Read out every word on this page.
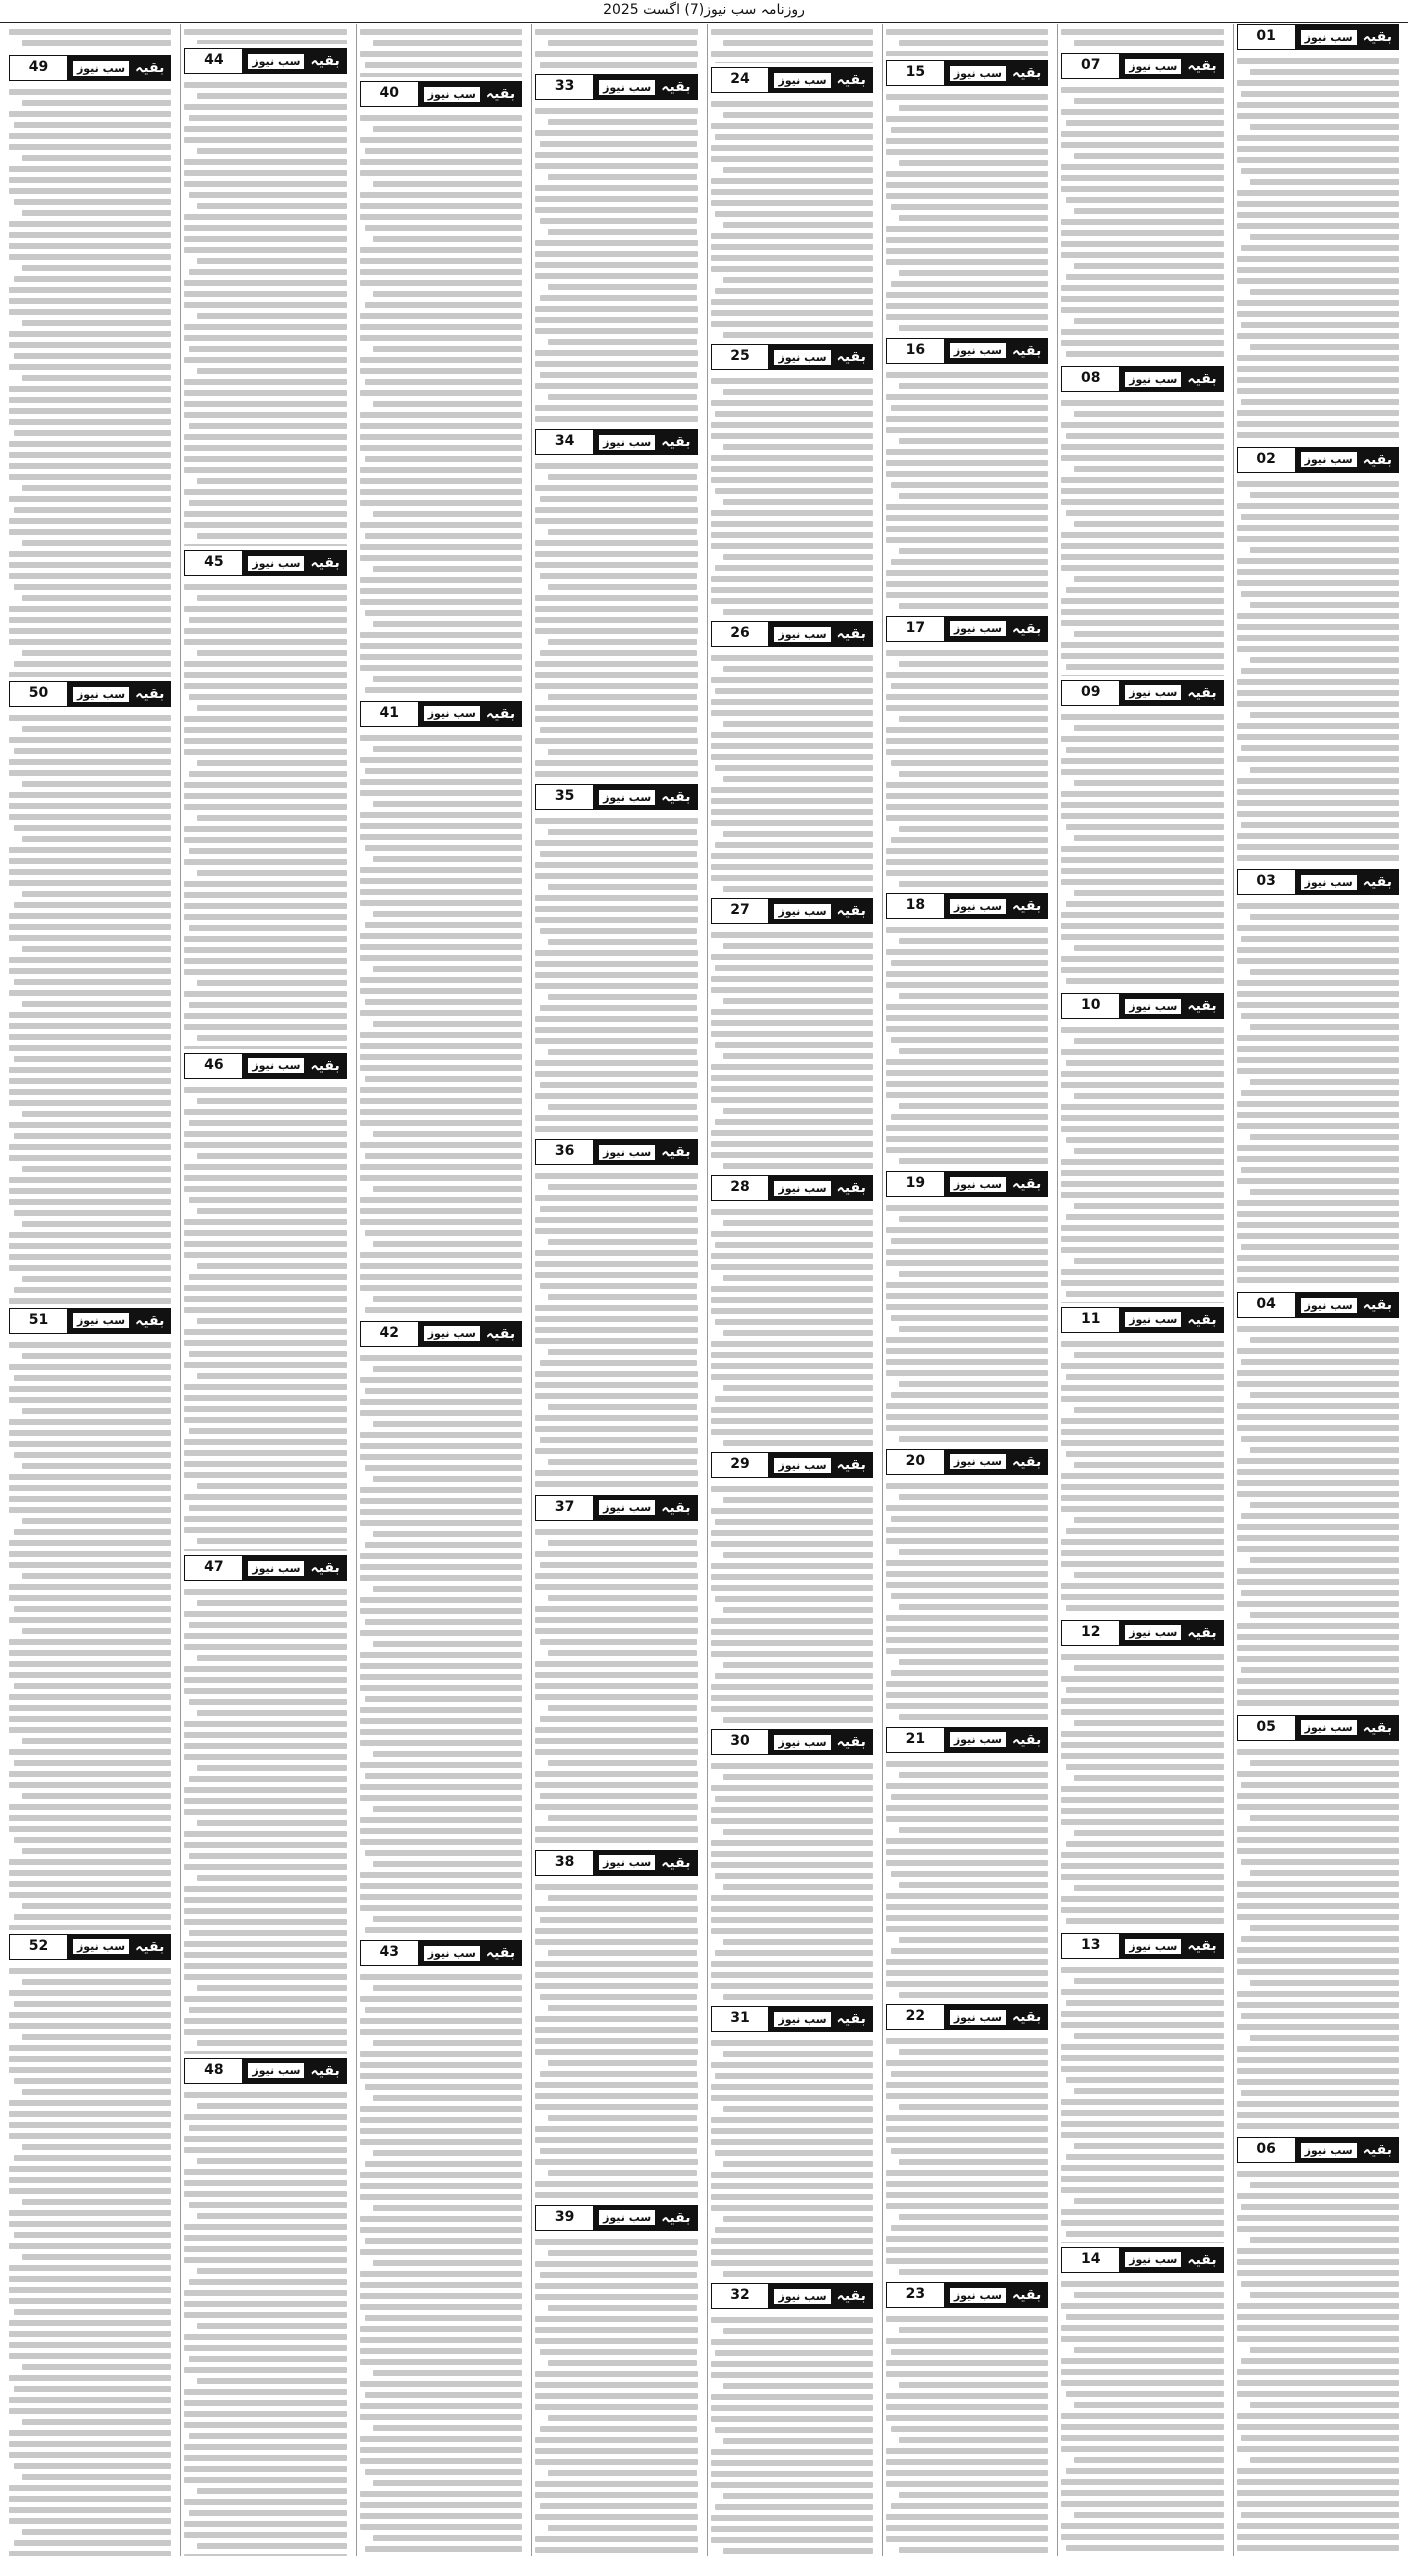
روزنامہ سب نیوز(7) اگست 2025
بقیہ
سب نیوز
01
بقیہ
سب نیوز
02
بقیہ
سب نیوز
03
بقیہ
سب نیوز
04
بقیہ
سب نیوز
05
بقیہ
سب نیوز
06
بقیہ
سب نیوز
07
بقیہ
سب نیوز
08
بقیہ
سب نیوز
09
بقیہ
سب نیوز
10
بقیہ
سب نیوز
11
بقیہ
سب نیوز
12
بقیہ
سب نیوز
13
بقیہ
سب نیوز
14
بقیہ
سب نیوز
15
بقیہ
سب نیوز
16
بقیہ
سب نیوز
17
بقیہ
سب نیوز
18
بقیہ
سب نیوز
19
بقیہ
سب نیوز
20
بقیہ
سب نیوز
21
بقیہ
سب نیوز
22
بقیہ
سب نیوز
23
بقیہ
سب نیوز
24
بقیہ
سب نیوز
25
بقیہ
سب نیوز
26
بقیہ
سب نیوز
27
بقیہ
سب نیوز
28
بقیہ
سب نیوز
29
بقیہ
سب نیوز
30
بقیہ
سب نیوز
31
بقیہ
سب نیوز
32
بقیہ
سب نیوز
33
بقیہ
سب نیوز
34
بقیہ
سب نیوز
35
بقیہ
سب نیوز
36
بقیہ
سب نیوز
37
بقیہ
سب نیوز
38
بقیہ
سب نیوز
39
بقیہ
سب نیوز
40
بقیہ
سب نیوز
41
بقیہ
سب نیوز
42
بقیہ
سب نیوز
43
بقیہ
سب نیوز
44
بقیہ
سب نیوز
45
بقیہ
سب نیوز
46
بقیہ
سب نیوز
47
بقیہ
سب نیوز
48
بقیہ
سب نیوز
49
بقیہ
سب نیوز
50
بقیہ
سب نیوز
51
بقیہ
سب نیوز
52
